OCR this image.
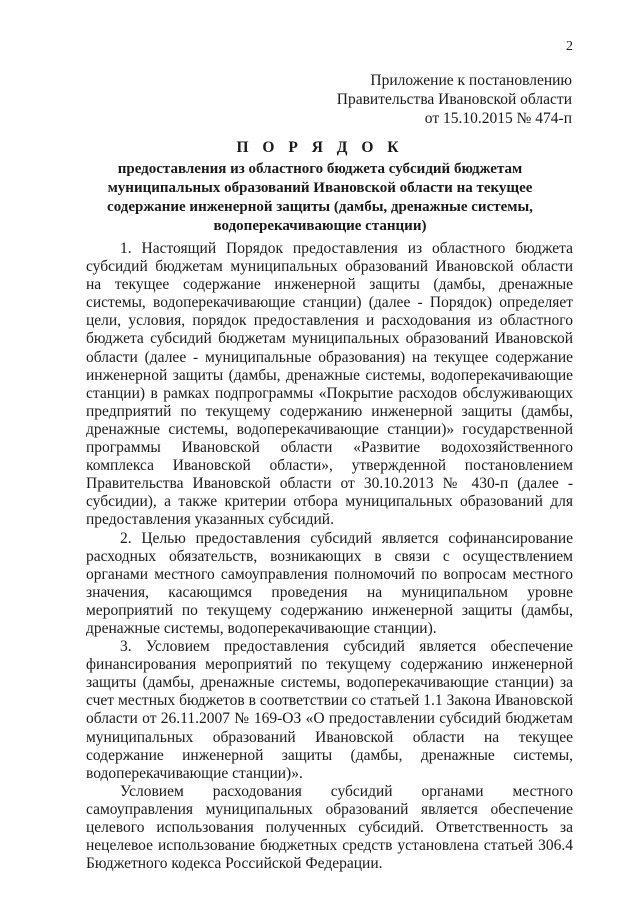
2
Приложение к постановлению
Правительства Ивановской области
от 15.10.2015 № 474-п
П О Р Я Д О К
предоставления из областного бюджета субсидий бюджетам
муниципальных образований Ивановской области на текущее
содержание инженерной защиты (дамбы, дренажные системы,
водоперекачивающие станции)

1. Настоящий Порядок предоставления из областного бюджета субсидий бюджетам муниципальных образований Ивановской области на текущее содержание инженерной защиты (дамбы, дренажные системы, водоперекачивающие станции) (далее - Порядок) определяет цели, условия, порядок предоставления и расходования из областного бюджета субсидий бюджетам муниципальных образований Ивановской области (далее - муниципальные образования) на текущее содержание инженерной защиты (дамбы, дренажные системы, водоперекачивающие станции) в рамках подпрограммы «Покрытие расходов обслуживающих предприятий по текущему содержанию инженерной защиты (дамбы, дренажные системы, водоперекачивающие станции)» государственной программы Ивановской области «Развитие водохозяйственного комплекса Ивановской области», утвержденной постановлением Правительства Ивановской области от 30.10.2013 № 430-п (далее - субсидии), а также критерии отбора муниципальных образований для предоставления указанных субсидий.

2. Целью предоставления субсидий является софинансирование расходных обязательств, возникающих в связи с осуществлением органами местного самоуправления полномочий по вопросам местного значения, касающимся проведения на муниципальном уровне мероприятий по текущему содержанию инженерной защиты (дамбы, дренажные системы, водоперекачивающие станции).

3. Условием предоставления субсидий является обеспечение финансирования мероприятий по текущему содержанию инженерной защиты (дамбы, дренажные системы, водоперекачивающие станции) за счет местных бюджетов в соответствии со статьей 1.1 Закона Ивановской области от 26.11.2007 № 169-ОЗ «О предоставлении субсидий бюджетам муниципальных образований Ивановской области на текущее содержание инженерной защиты (дамбы, дренажные системы, водоперекачивающие станции)».

Условием расходования субсидий органами местного самоуправления муниципальных образований является обеспечение целевого использования полученных субсидий. Ответственность за нецелевое использование бюджетных средств установлена статьей 306.4 Бюджетного кодекса Российской Федерации.
